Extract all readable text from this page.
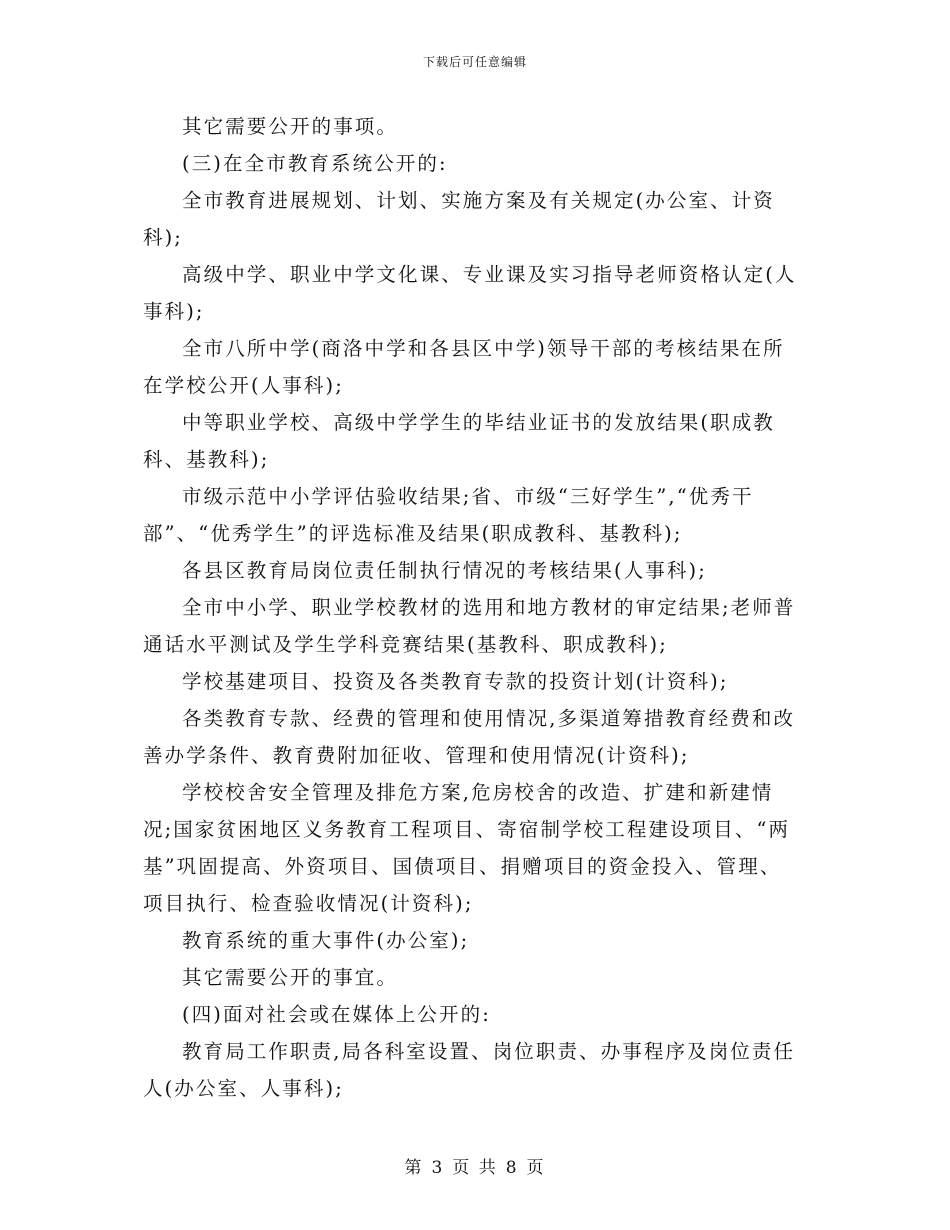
下载后可任意编辑

其它需要公开的事项。

(三)在全市教育系统公开的:

全市教育进展规划、计划、实施方案及有关规定(办公室、计资科);

高级中学、职业中学文化课、专业课及实习指导老师资格认定(人事科);

全市八所中学(商洛中学和各县区中学)领导干部的考核结果在所在学校公开(人事科);

中等职业学校、高级中学学生的毕结业证书的发放结果(职成教科、基教科);

市级示范中小学评估验收结果;省、市级“三好学生”,“优秀干部”、“优秀学生”的评选标准及结果(职成教科、基教科);

各县区教育局岗位责任制执行情况的考核结果(人事科);

全市中小学、职业学校教材的选用和地方教材的审定结果;老师普通话水平测试及学生学科竞赛结果(基教科、职成教科);

学校基建项目、投资及各类教育专款的投资计划(计资科);

各类教育专款、经费的管理和使用情况,多渠道筹措教育经费和改善办学条件、教育费附加征收、管理和使用情况(计资科);

学校校舍安全管理及排危方案,危房校舍的改造、扩建和新建情况;国家贫困地区义务教育工程项目、寄宿制学校工程建设项目、“两基”巩固提高、外资项目、国债项目、捐赠项目的资金投入、管理、项目执行、检查验收情况(计资科);

教育系统的重大事件(办公室);

其它需要公开的事宜。

(四)面对社会或在媒体上公开的:

教育局工作职责,局各科室设置、岗位职责、办事程序及岗位责任人(办公室、人事科);

第 3 页 共 8 页
